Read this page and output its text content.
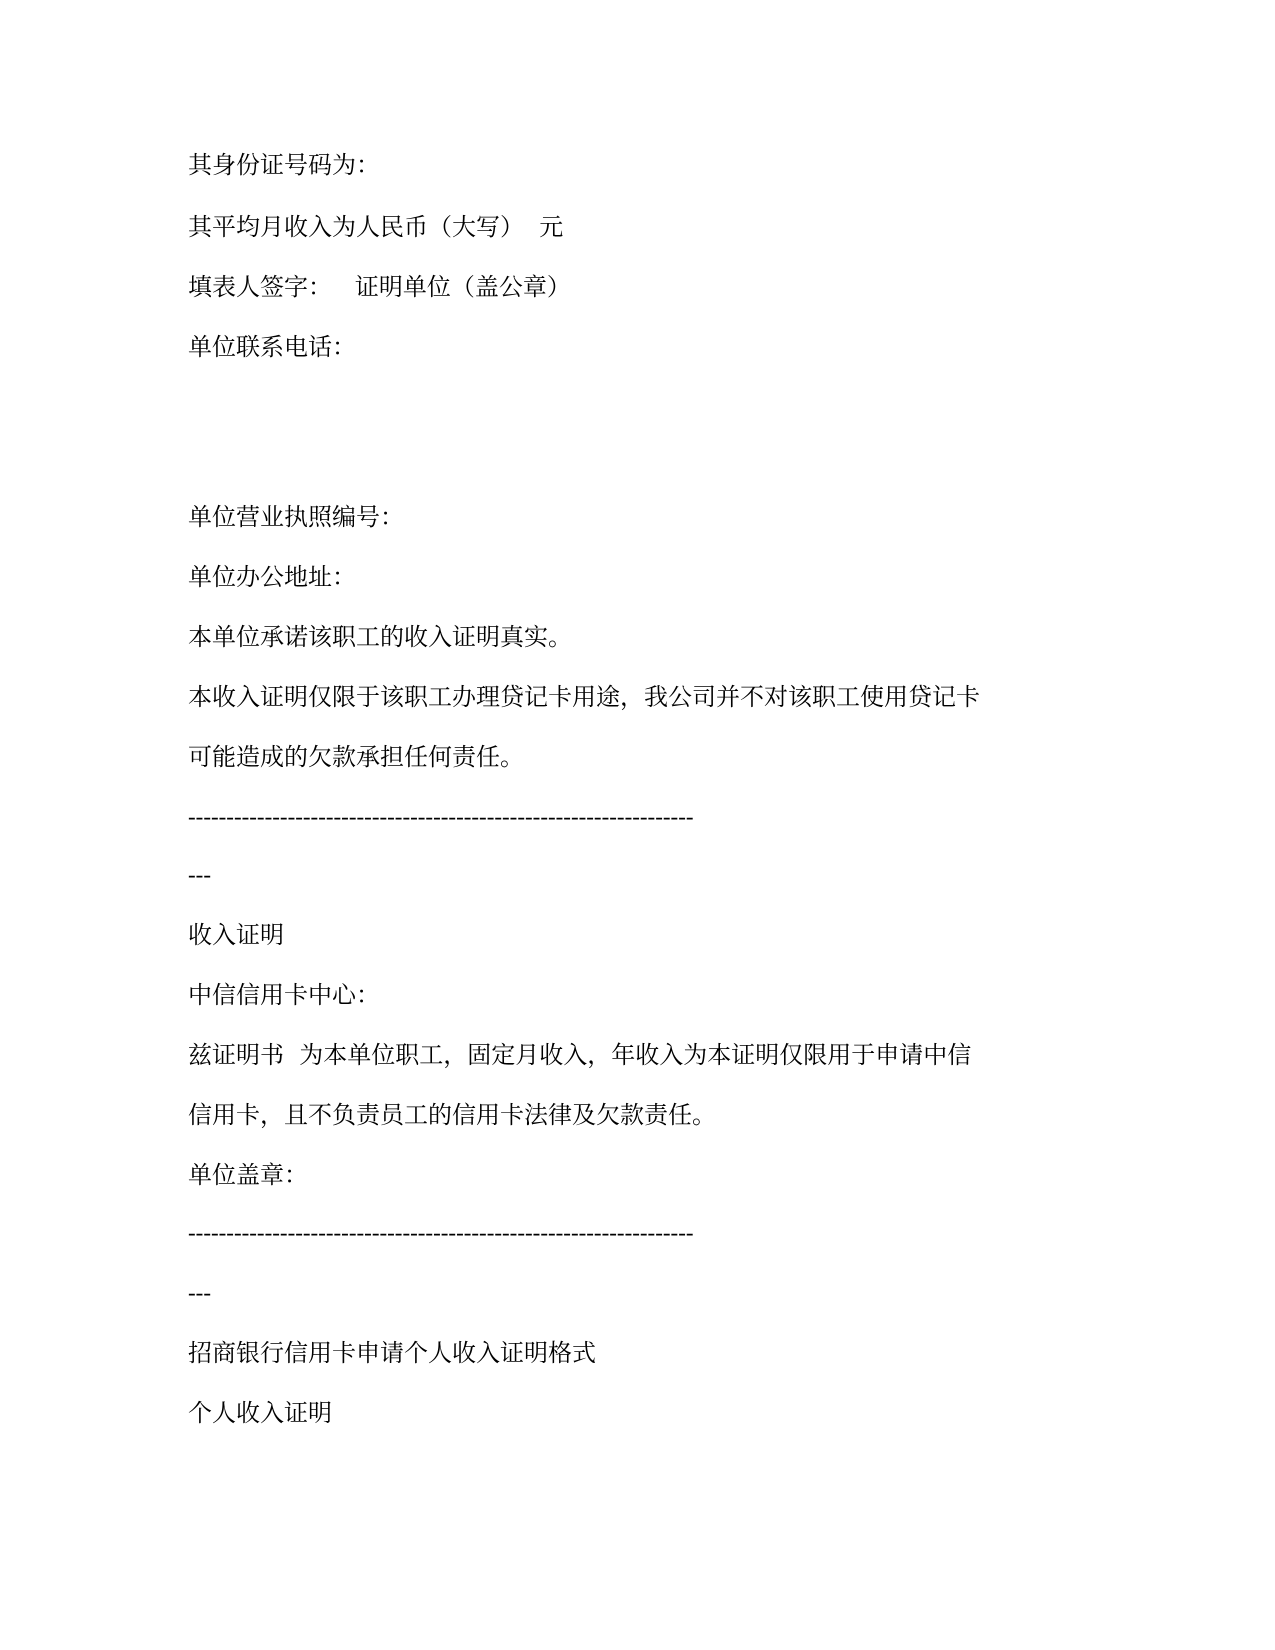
其身份证号码为：
其平均月收入为人民币（大写）  元
填表人签字：   证明单位（盖公章）
单位联系电话：
单位营业执照编号：
单位办公地址：
本单位承诺该职工的收入证明真实。
本收入证明仅限于该职工办理贷记卡用途，我公司并不对该职工使用贷记卡
可能造成的欠款承担任何责任。
------------------------------------------------------------------
---
收入证明
中信信用卡中心：
兹证明书  为本单位职工，固定月收入，年收入为本证明仅限用于申请中信
信用卡，且不负责员工的信用卡法律及欠款责任。
单位盖章：
------------------------------------------------------------------
---
招商银行信用卡申请个人收入证明格式
个人收入证明
